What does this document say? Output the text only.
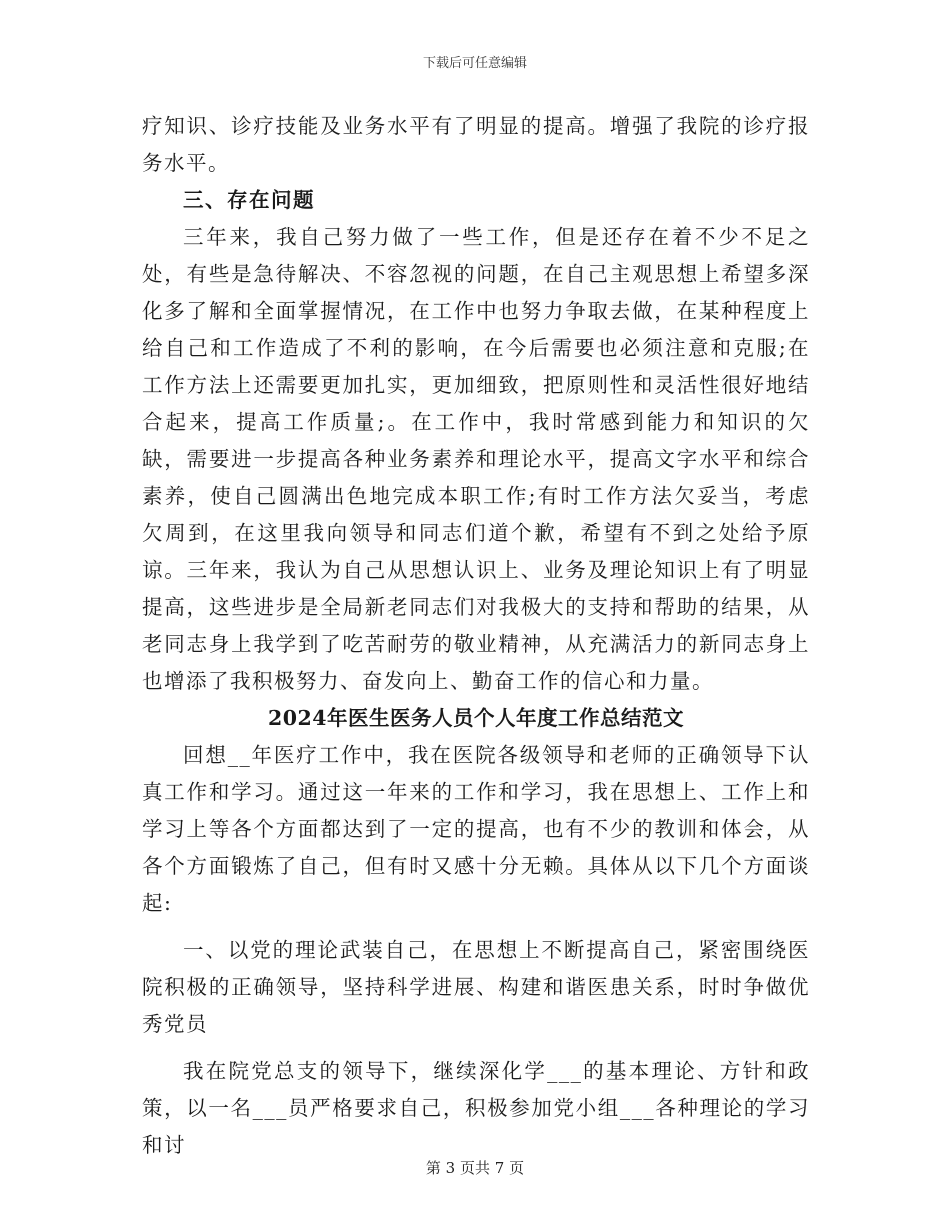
下载后可任意编辑

疗知识、诊疗技能及业务水平有了明显的提高。增强了我院的诊疗报务水平。

三、存在问题

三年来，我自己努力做了一些工作，但是还存在着不少不足之处，有些是急待解决、不容忽视的问题，在自己主观思想上希望多深化多了解和全面掌握情况，在工作中也努力争取去做，在某种程度上给自己和工作造成了不利的影响，在今后需要也必须注意和克服;在工作方法上还需要更加扎实，更加细致，把原则性和灵活性很好地结合起来，提高工作质量;。在工作中，我时常感到能力和知识的欠缺，需要进一步提高各种业务素养和理论水平，提高文字水平和综合素养，使自己圆满出色地完成本职工作;有时工作方法欠妥当，考虑欠周到，在这里我向领导和同志们道个歉，希望有不到之处给予原谅。三年来，我认为自己从思想认识上、业务及理论知识上有了明显提高，这些进步是全局新老同志们对我极大的支持和帮助的结果，从老同志身上我学到了吃苦耐劳的敬业精神，从充满活力的新同志身上也增添了我积极努力、奋发向上、勤奋工作的信心和力量。

2024年医生医务人员个人年度工作总结范文

回想__年医疗工作中，我在医院各级领导和老师的正确领导下认真工作和学习。通过这一年来的工作和学习，我在思想上、工作上和学习上等各个方面都达到了一定的提高，也有不少的教训和体会，从各个方面锻炼了自己，但有时又感十分无赖。具体从以下几个方面谈起:

一、以党的理论武装自己，在思想上不断提高自己，紧密围绕医院积极的正确领导，坚持科学进展、构建和谐医患关系，时时争做优秀党员

我在院党总支的领导下，继续深化学___的基本理论、方针和政策，以一名___员严格要求自己，积极参加党小组___各种理论的学习和讨

第 3 页共 7 页
